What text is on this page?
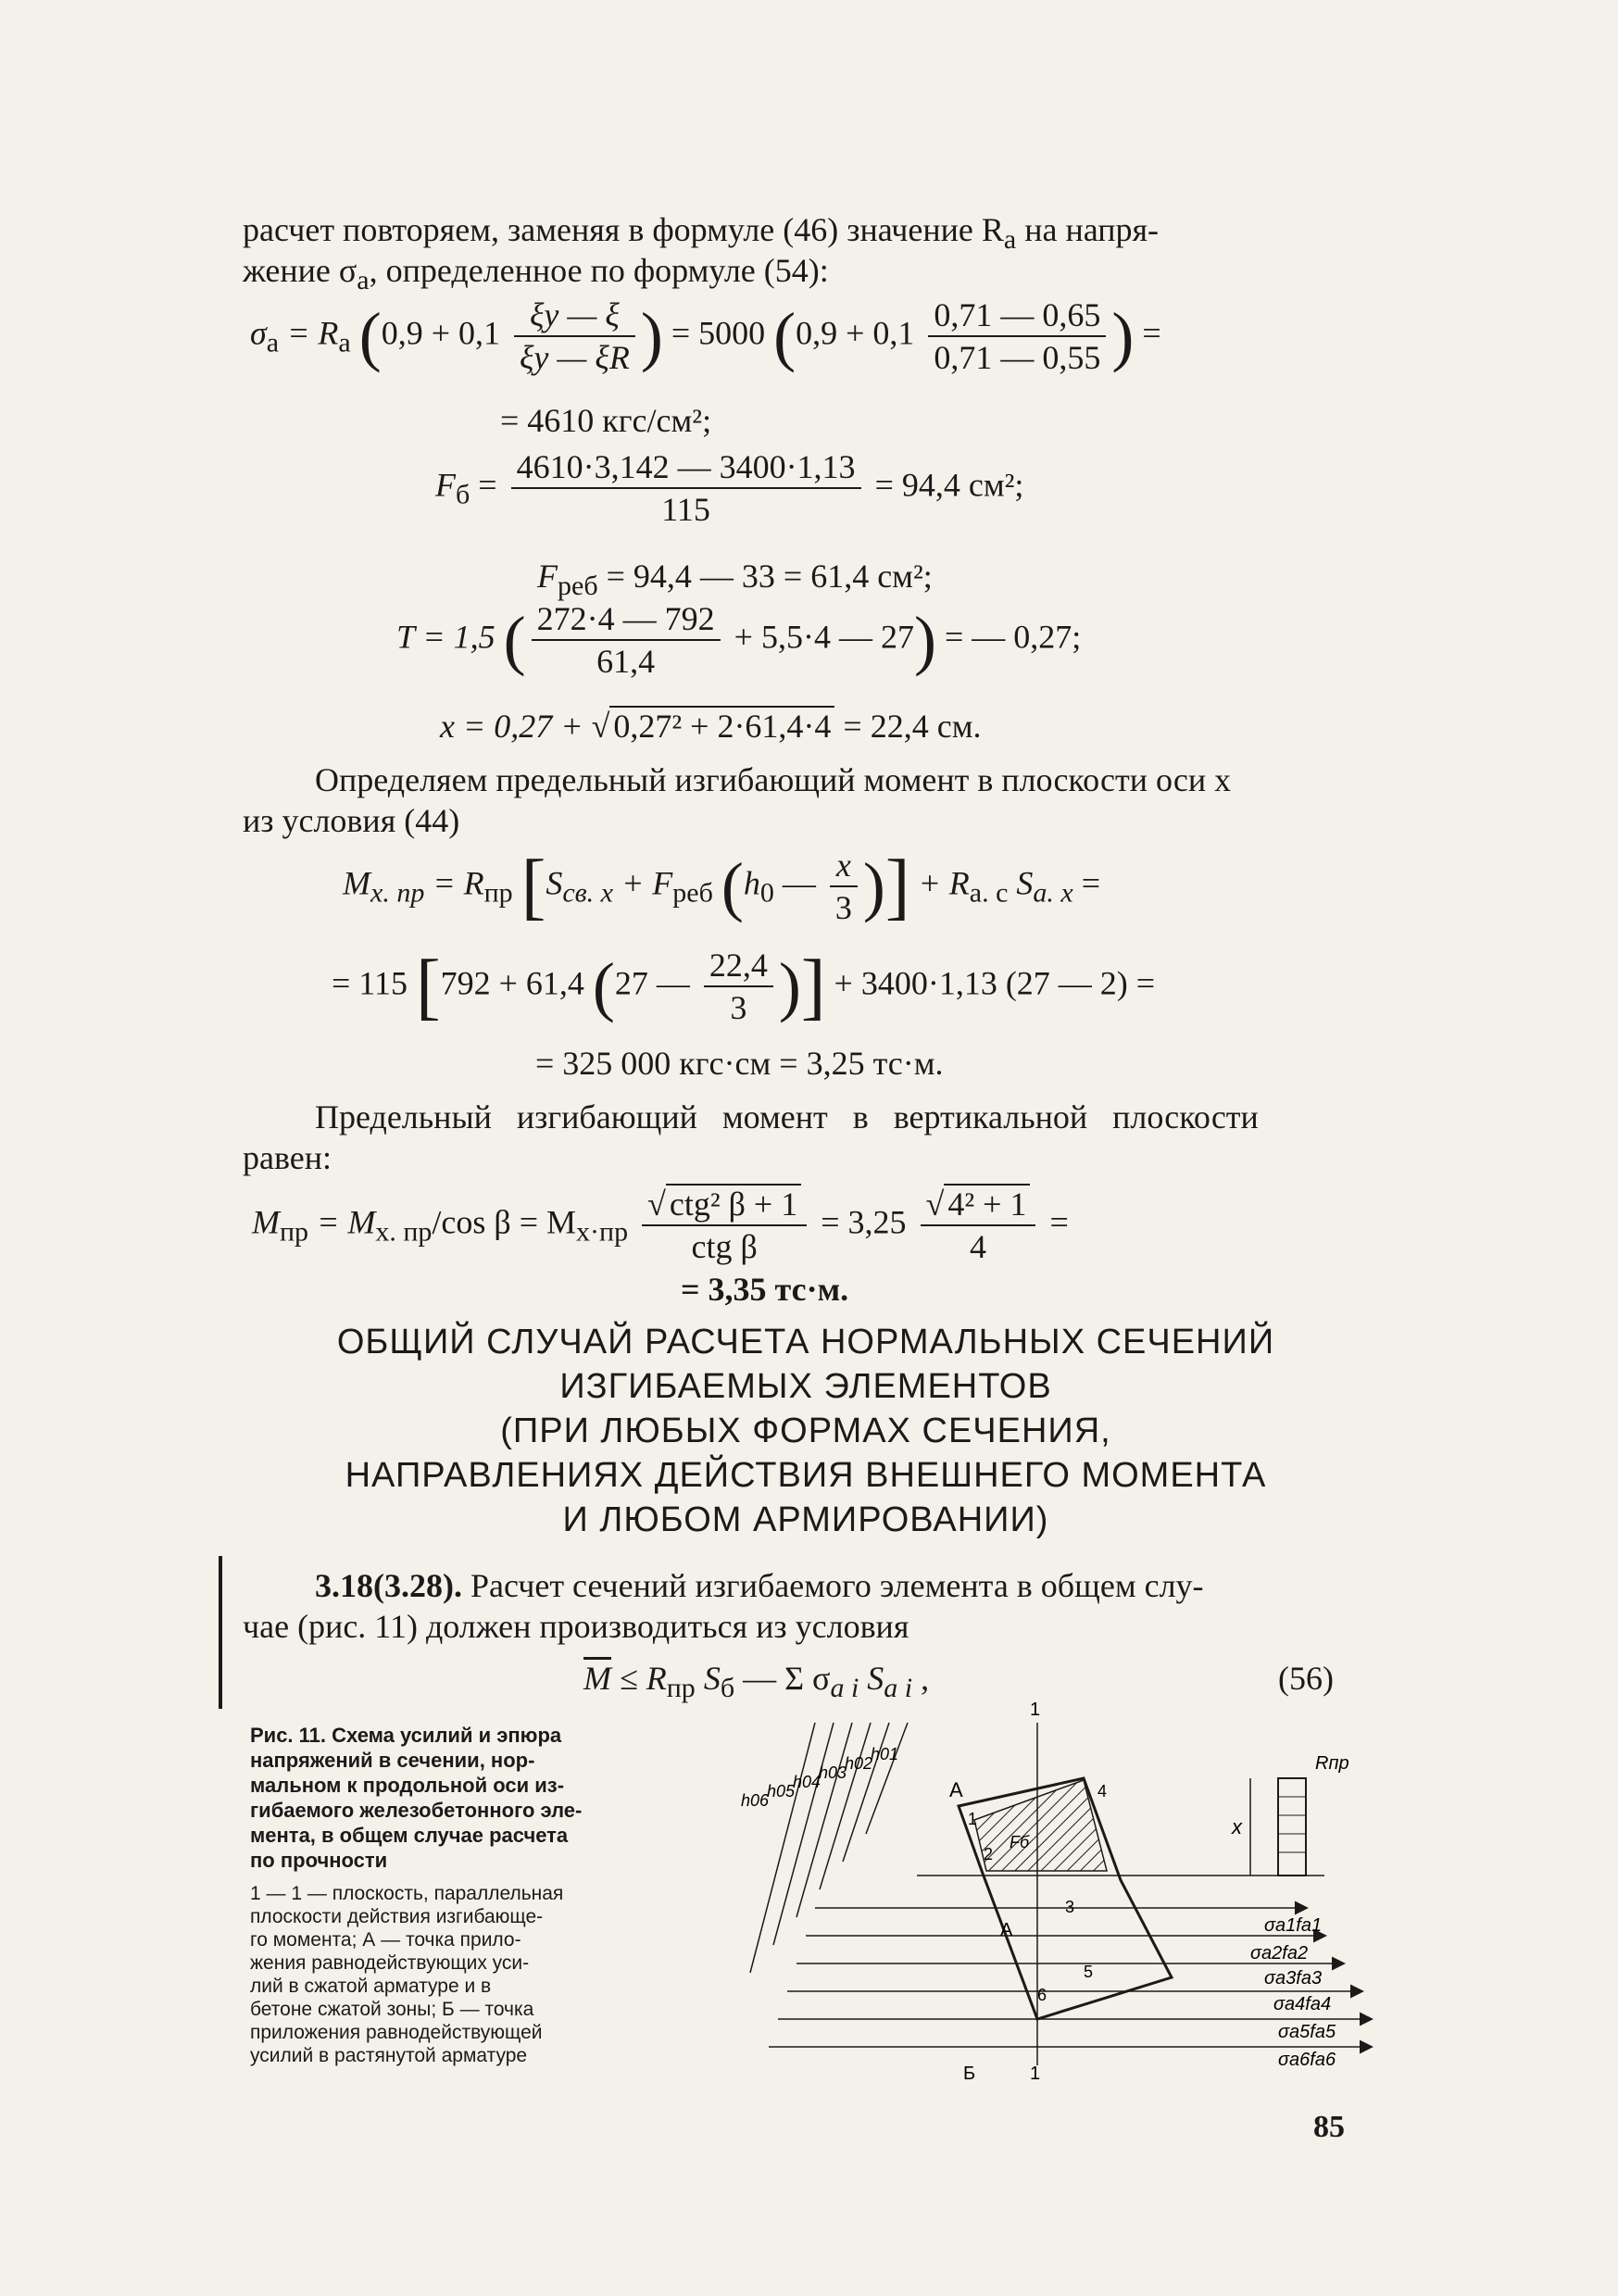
расчет повторяем, заменяя в формуле (46) значение $R_а$ на напря-
жение $\sigma_а$, определенное по формуле (54):
$\sigma_а = R_а$ ($0,9 + 0,1 \frac{\xi у — \xi}{\xi у — \xi R}$ ) = 5000 ($0,9 + 0,1 \frac{0,71 — 0,65}{0,71 — 0,55}$ ) =
= 4610 кгс/см²;
$F_б = \frac{4610\cdot 3,142 — 3400\cdot 1,13}{115} = 94,4$ см²;
$F_{реб} = 94,4$ — 33 = 61,4 см²;
T = 1,5 ( $\frac{272\cdot 4 — 792}{61,4} + 5,5\cdot 4$ — 27) = — 0,27;
x = 0,27 + √ 0,27² + 2·61,4·4 = 22,4 см.
Определяем предельный изгибающий момент в плоскости оси x
из условия (44)
$M_{x. пр} = R_{пр}$ [$S_{св. x} + F_{реб}$ ($h_0$ — $\frac{x}{3}$ )] + $R_{а. с}$ $S_{а. x}$ =
= 115 [792 + 61,4 (27 — $\frac{22,4}{3}$ )] + 3400·1,13 (27 — 2) =
= 325 000 кгс·см = 3,25 тс·м.
Предельный изгибающий момент в вертикальной плоскости
равен:
$M_{пр} = M_{x. пр}/\cos$ $\beta = M_{x\cdot пр} \frac{\text{√ ctg² β + 1}}{\text{ctg β}} = 3,25 \frac{\text{√ 4² + 1}}{4}$ =
= 3,35 тс·м.
ОБЩИЙ СЛУЧАЙ РАСЧЕТА НОРМАЛЬНЫХ СЕЧЕНИЙ
ИЗГИБАЕМЫХ ЭЛЕМЕНТОВ
(ПРИ ЛЮБЫХ ФОРМАХ СЕЧЕНИЯ,
НАПРАВЛЕНИЯХ ДЕЙСТВИЯ ВНЕШНЕГО МОМЕНТА
И ЛЮБОМ АРМИРОВАНИИ)
3.18(3.28). Расчет сечений изгибаемого элемента в общем слу-
чае (рис. 11) должен производиться из условия
$\overline{M} \le R_{пр}$ $S_б$ — Σ $\sigma_{а i}$ $S_{а i}$ ,	(56)
Рис. 11. Схема усилий и эпюра
напряжений в сечении, нор-
мальном к продольной оси из-
гибаемого железобетонного эле-
мента, в общем случае расчета
по прочности
1 — 1 — плоскость, параллельная
плоскости действия изгибающе-
го момента; А — точка прило-
жения равнодействующих уси-
лий в сжатой арматуре и в
бетоне сжатой зоны; Б — точка
приложения равнодействующей
усилий в растянутой арматуре
1
1
Rпр
x
h06
h05
h04
h03
h02
h01
σa1fa1
σa2fa2
σa3fa3
σa4fa4
σa5fa5
σa6fa6
А
Fб
A
Б
1
2
3
4
5
6
85
